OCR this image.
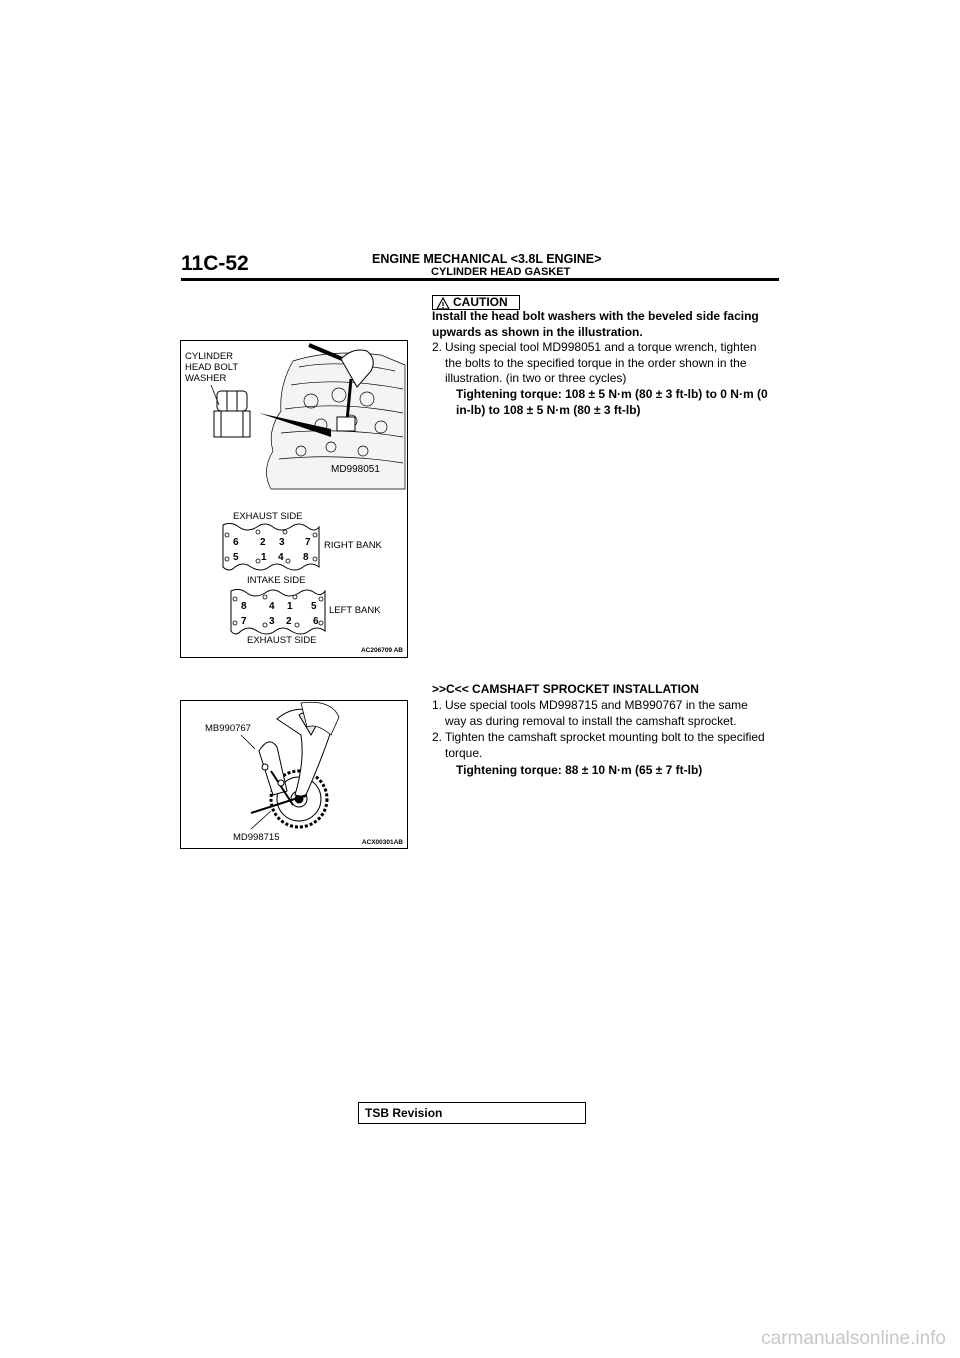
11C-52	ENGINE MECHANICAL <3.8L ENGINE>
CYLINDER HEAD GASKET
CYLINDER
HEAD BOLT
WASHER
MD998051
EXHAUST SIDE
6 2 3 7
5 1 4 8
RIGHT BANK
INTAKE SIDE
8 4 1 5
7 3 2 6
LEFT BANK
EXHAUST SIDE
AC206709 AB
MB990767
MD998715	ACX00301AB
CAUTION
Install the head bolt washers with the beveled side facing
upwards as shown in the illustration.
2. Using special tool MD998051 and a torque wrench, tighten
the bolts to the specified torque in the order shown in the
illustration. (in two or three cycles)
Tightening torque: 108 ± 5 N·m (80 ± 3 ft-lb) to 0 N·m (0
in-lb) to 108 ± 5 N·m (80 ± 3 ft-lb)
>>C<< CAMSHAFT SPROCKET INSTALLATION
1. Use special tools MD998715 and MB990767 in the same
way as during removal to install the camshaft sprocket.
2. Tighten the camshaft sprocket mounting bolt to the specified
torque.
Tightening torque: 88 ± 10 N·m (65 ± 7 ft-lb)
TSB Revision
carmanualsonline.info
